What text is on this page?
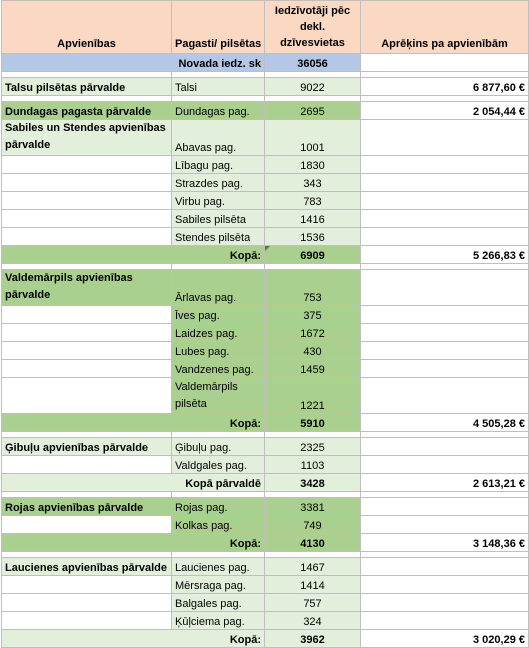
Apvienības	Pagasti/ pilsētas	Iedzīvotāji pēc dekl. dzīvesvietas	Aprēķins pa apvienībām
Novada iedz. sk		36056	

Talsu pilsētas pārvalde	Talsi	9022	6 877,60 €

Dundagas pagasta pārvalde	Dundagas pag.	2695	2 054,44 €
Sabiles un Stendes apvienības pārvalde	Abavas pag.	1001	
	Lībagu pag.	1830	
	Strazdes pag.	343	
	Virbu pag.	783	
	Sabiles pilsēta	1416	
	Stendes pilsēta	1536	
Kopā:		6909	5 266,83 €

Valdemārpils apvienības pārvalde	Ārlavas pag.	753	
	Īves pag.	375	
	Laidzes pag.	1672	
	Lubes pag.	430	
	Vandzenes pag.	1459	
	Valdemārpils pilsēta	1221	
Kopā:		5910	4 505,28 €

Ģibuļu apvienības pārvalde	Ģibuļu pag.	2325	
	Valdgales pag.	1103	
Kopā pārvaldē		3428	2 613,21 €

Rojas apvienības pārvalde	Rojas pag.	3381	
	Kolkas pag.	749	
Kopā:		4130	3 148,36 €

Laucienes apvienības pārvalde	Laucienes pag.	1467	
	Mērsraga pag.	1414	
	Balgales pag.	757	
	Ķūļciema pag.	324	
Kopā:		3962	3 020,29 €
